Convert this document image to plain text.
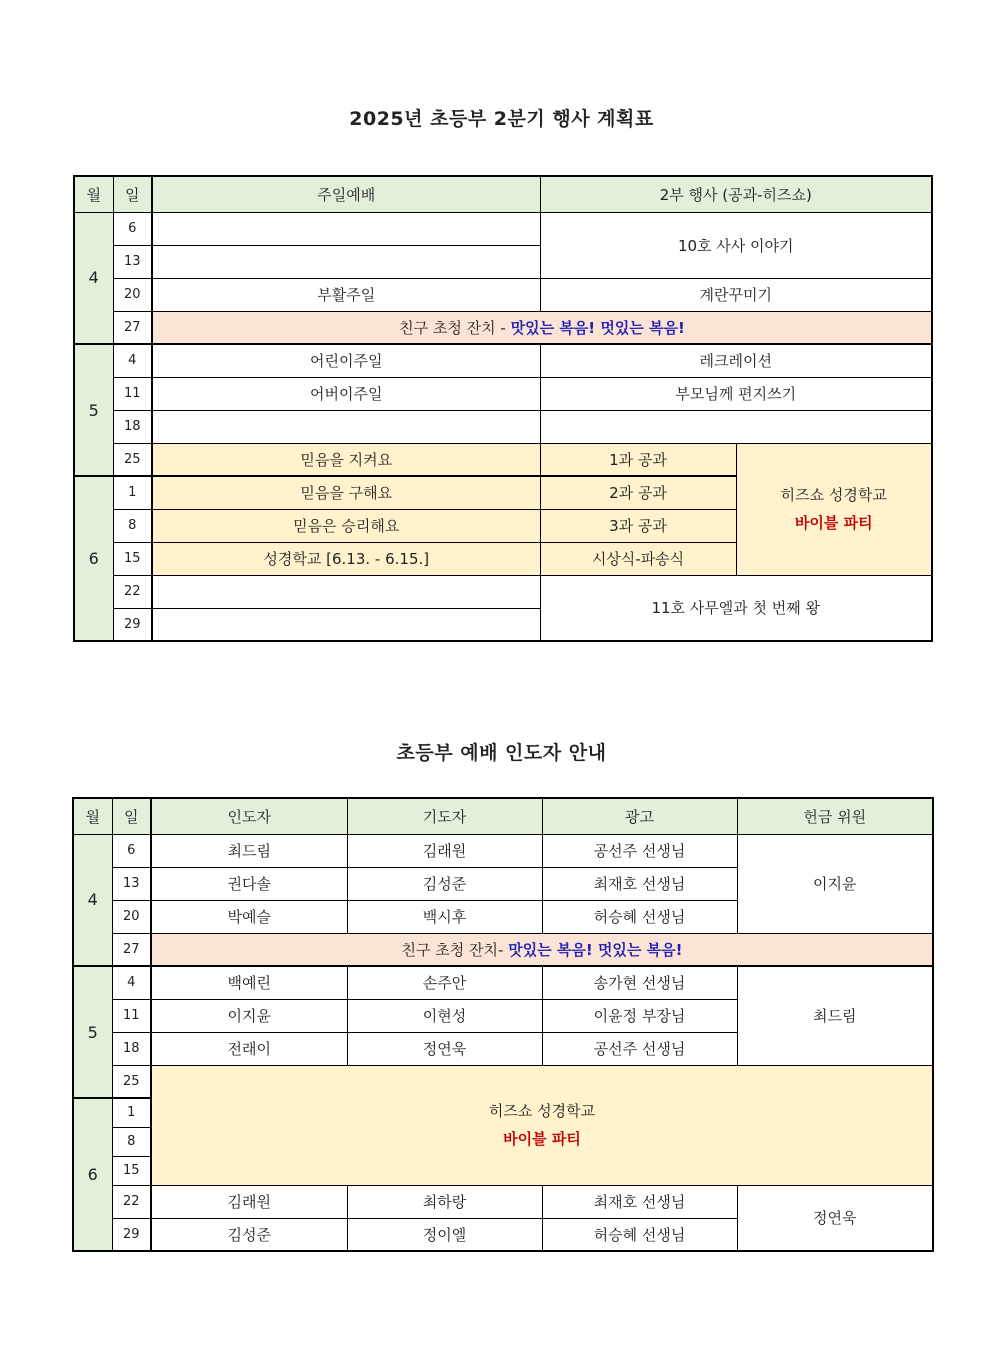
2025년 초등부 2분기 행사 계획표
월	일	주일예배	2부 행사 (공과-히즈쇼)	
4	6		10호 사사 이야기	
	13			
	20	부활주일	계란꾸미기	
	27	친구 초청 잔치 - 맛있는 복음! 멋있는 복음!		
5	4	어린이주일	레크레이션	
	11	어버이주일	부모님께 편지쓰기	
	18			
	25	믿음을 지켜요	1과 공과	히즈쇼 성경학교
바이블 파티

6	1	믿음을 구해요	2과 공과	
	8	믿음은 승리해요	3과 공과	
	15	성경학교 [6.13. - 6.15.]	시상식-파송식	
	22		11호 사무엘과 첫 번째 왕	
	29			
초등부 예배 인도자 안내
월	일	인도자	기도자	광고	헌금 위원
4	6	최드림	김래원	공선주 선생님	이지윤
	13	권다솔	김성준	최재호 선생님	
	20	박예슬	백시후	허승혜 선생님	
	27	친구 초청 잔치- 맛있는 복음! 멋있는 복음!			
5	4	백예린	손주안	송가현 선생님	최드림
	11	이지윤	이현성	이윤정 부장님	
	18	전래이	정연욱	공선주 선생님	
	25	히즈쇼 성경학교
바이블 파티			

6	1				
	8				
	15				
	22	김래원	최하랑	최재호 선생님	정연욱
	29	김성준	정이엘	허승혜 선생님	
